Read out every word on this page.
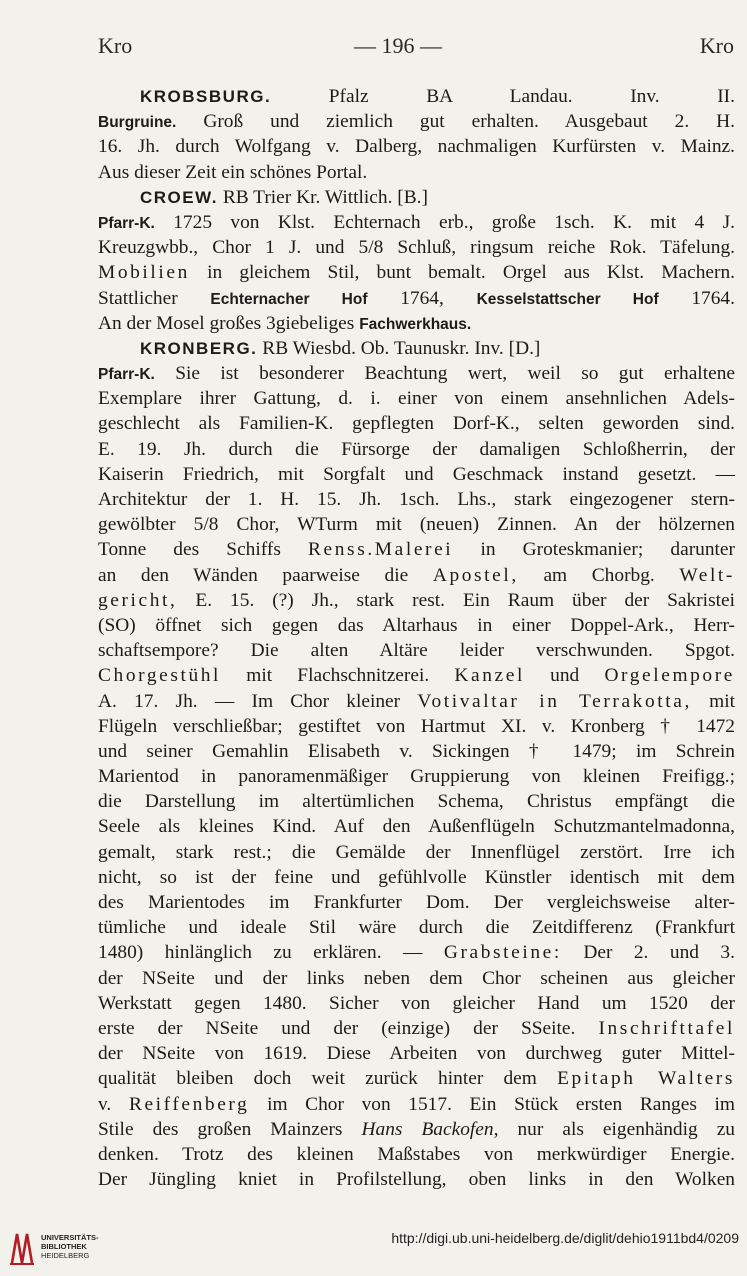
Kro	— 196 —	Kro
KROBSBURG.	Pfalz BA Landau. Inv. II.
Burgruine. Groß und ziemlich gut erhalten. Ausgebaut 2. H.
16. Jh. durch Wolfgang v. Dalberg, nachmaligen Kurfürsten v. Mainz.
Aus dieser Zeit ein schönes Portal.
CROEW. RB Trier Kr. Wittlich. [B.]
Pfarr-K. 1725 von Klst. Echternach erb., große 1sch. K. mit 4 J.
Kreuzgwbb., Chor 1 J. und 5/8 Schluß, ringsum reiche Rok. Täfelung.
Mobilien in gleichem Stil, bunt bemalt. Orgel aus Klst. Machern.
Stattlicher Echternacher Hof 1764, Kesselstattscher Hof 1764.
An der Mosel großes 3giebeliges Fachwerkhaus.
KRONBERG. RB Wiesbd. Ob. Taunuskr. Inv. [D.]
Pfarr-K. Sie ist besonderer Beachtung wert, weil so gut erhaltene
Exemplare ihrer Gattung, d. i. einer von einem ansehnlichen Adels-
geschlecht als Familien-K. gepflegten Dorf-K., selten geworden sind.
E. 19. Jh. durch die Fürsorge der damaligen Schloßherrin, der
Kaiserin Friedrich, mit Sorgfalt und Geschmack instand gesetzt. —
Architektur der 1. H. 15. Jh. 1sch. Lhs., stark eingezogener stern-
gewölbter 5/8 Chor, WTurm mit (neuen) Zinnen. An der hölzernen
Tonne des Schiffs Renss.Malerei in Groteskmanier; darunter
an den Wänden paarweise die Apostel, am Chorbg. Welt-
gericht, E. 15. (?) Jh., stark rest. Ein Raum über der Sakristei
(SO) öffnet sich gegen das Altarhaus in einer Doppel-Ark., Herr-
schaftsempore? Die alten Altäre leider verschwunden. Spgot.
Chorgestühl mit Flachschnitzerei. Kanzel und Orgelempore
A. 17. Jh. — Im Chor kleiner Votivaltar in Terrakotta, mit
Flügeln verschließbar; gestiftet von Hartmut XI. v. Kronberg † 1472
und seiner Gemahlin Elisabeth v. Sickingen † 1479; im Schrein
Marientod in panoramenmäßiger Gruppierung von kleinen Freifigg.;
die Darstellung im altertümlichen Schema, Christus empfängt die
Seele als kleines Kind. Auf den Außenflügeln Schutzmantelmadonna,
gemalt, stark rest.; die Gemälde der Innenflügel zerstört. Irre ich
nicht, so ist der feine und gefühlvolle Künstler identisch mit dem
des Marientodes im Frankfurter Dom. Der vergleichsweise alter-
tümliche und ideale Stil wäre durch die Zeitdifferenz (Frankfurt
1480) hinlänglich zu erklären. — Grabsteine: Der 2. und 3.
der NSeite und der links neben dem Chor scheinen aus gleicher
Werkstatt gegen 1480. Sicher von gleicher Hand um 1520 der
erste der NSeite und der (einzige) der SSeite. Inschrifttafel
der NSeite von 1619. Diese Arbeiten von durchweg guter Mittel-
qualität bleiben doch weit zurück hinter dem Epitaph Walters
v. Reiffenberg im Chor von 1517. Ein Stück ersten Ranges im
Stile des großen Mainzers Hans Backofen, nur als eigenhändig zu
denken. Trotz des kleinen Maßstabes von merkwürdiger Energie.
Der Jüngling kniet in Profilstellung, oben links in den Wolken
UNIVERSITÄTS-
BIBLIOTHEK
HEIDELBERG
http://digi.ub.uni-heidelberg.de/diglit/dehio1911bd4/0209
